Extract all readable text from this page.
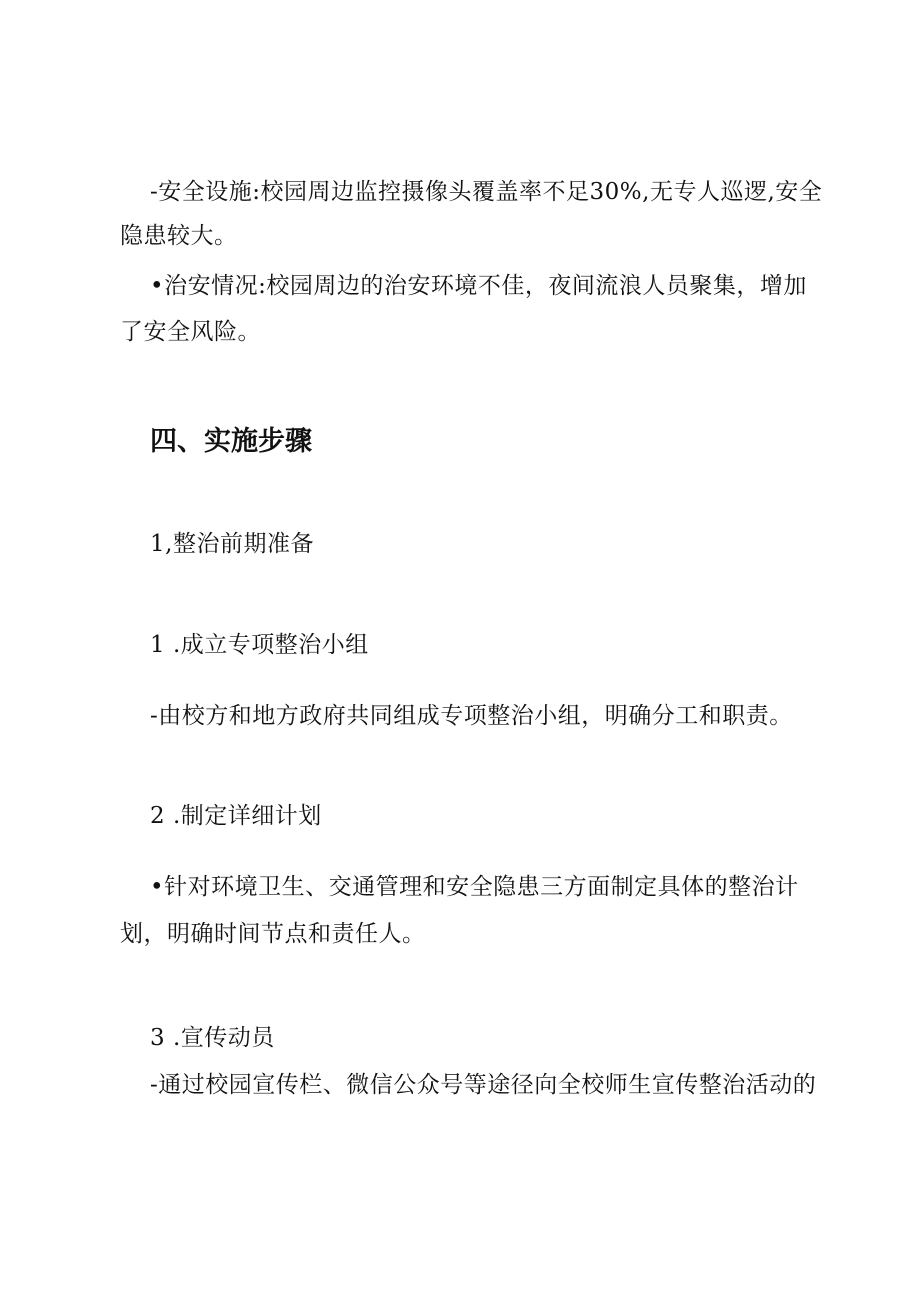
-安全设施:校园周边监控摄像头覆盖率不足30%,无专人巡逻,安全
隐患较大。
•治安情况:校园周边的治安环境不佳，夜间流浪人员聚集，增加
了安全风险。
四、实施步骤
1,整治前期准备
1 .成立专项整治小组
-由校方和地方政府共同组成专项整治小组，明确分工和职责。
2 .制定详细计划
•针对环境卫生、交通管理和安全隐患三方面制定具体的整治计
划，明确时间节点和责任人。
3 .宣传动员
-通过校园宣传栏、微信公众号等途径向全校师生宣传整治活动的
